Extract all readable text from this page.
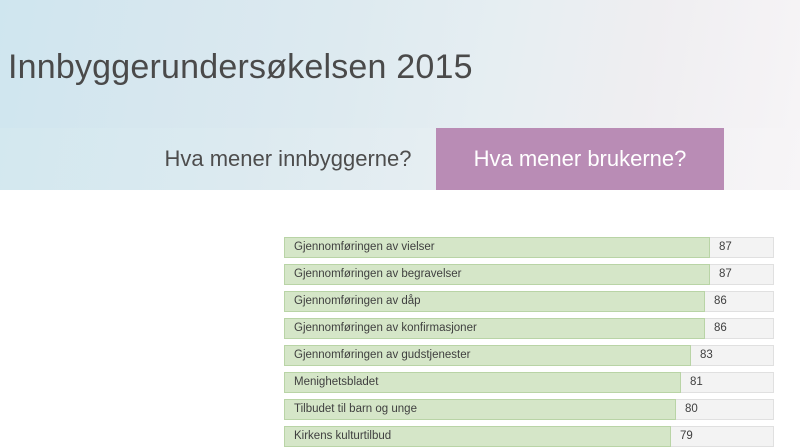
Innbyggerundersøkelsen 2015
Hva mener innbyggerne?	Hva mener brukerne?
Gjennomføringen av vielser	87
Gjennomføringen av begravelser	87
Gjennomføringen av dåp	86
Gjennomføringen av konfirmasjoner	86
Gjennomføringen av gudstjenester	83
Menighetsbladet	81
Tilbudet til barn og unge	80
Kirkens kulturtilbud	79
